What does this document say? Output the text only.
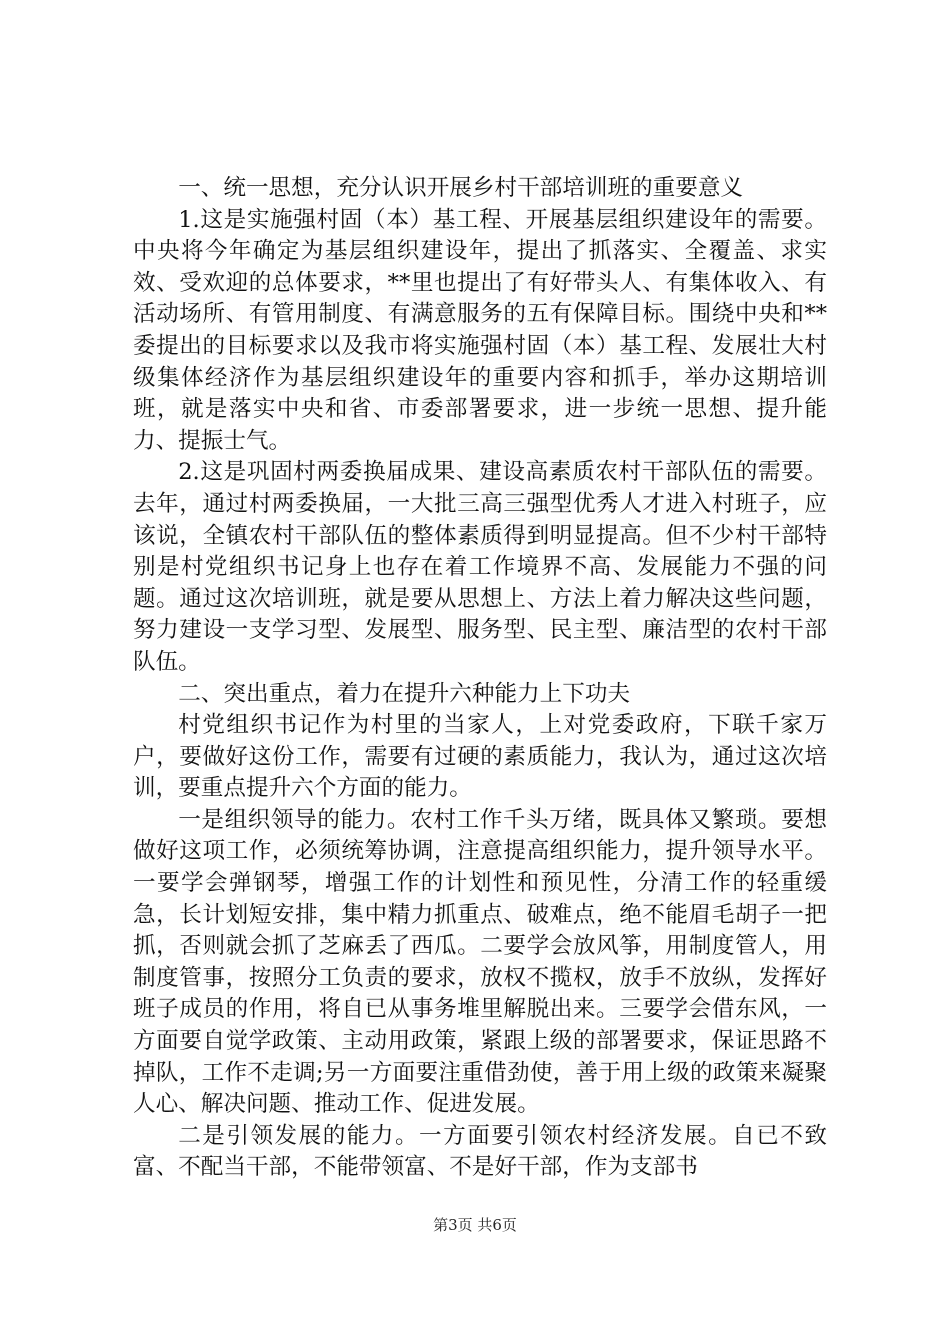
一、统一思想，充分认识开展乡村干部培训班的重要意义

1.这是实施强村固（本）基工程、开展基层组织建设年的需要。中央将今年确定为基层组织建设年，提出了抓落实、全覆盖、求实效、受欢迎的总体要求，**里也提出了有好带头人、有集体收入、有活动场所、有管用制度、有满意服务的五有保障目标。围绕中央和**委提出的目标要求以及我市将实施强村固（本）基工程、发展壮大村级集体经济作为基层组织建设年的重要内容和抓手，举办这期培训班，就是落实中央和省、市委部署要求，进一步统一思想、提升能力、提振士气。

2.这是巩固村两委换届成果、建设高素质农村干部队伍的需要。去年，通过村两委换届，一大批三高三强型优秀人才进入村班子，应该说，全镇农村干部队伍的整体素质得到明显提高。但不少村干部特别是村党组织书记身上也存在着工作境界不高、发展能力不强的问题。通过这次培训班，就是要从思想上、方法上着力解决这些问题，努力建设一支学习型、发展型、服务型、民主型、廉洁型的农村干部队伍。

二、突出重点，着力在提升六种能力上下功夫

村党组织书记作为村里的当家人，上对党委政府，下联千家万户，要做好这份工作，需要有过硬的素质能力，我认为，通过这次培训，要重点提升六个方面的能力。

一是组织领导的能力。农村工作千头万绪，既具体又繁琐。要想做好这项工作，必须统筹协调，注意提高组织能力，提升领导水平。一要学会弹钢琴，增强工作的计划性和预见性，分清工作的轻重缓急，长计划短安排，集中精力抓重点、破难点，绝不能眉毛胡子一把抓，否则就会抓了芝麻丢了西瓜。二要学会放风筝，用制度管人，用制度管事，按照分工负责的要求，放权不揽权，放手不放纵，发挥好班子成员的作用，将自已从事务堆里解脱出来。三要学会借东风，一方面要自觉学政策、主动用政策，紧跟上级的部署要求，保证思路不掉队，工作不走调;另一方面要注重借劲使，善于用上级的政策来凝聚人心、解决问题、推动工作、促进发展。

二是引领发展的能力。一方面要引领农村经济发展。自已不致富、不配当干部，不能带领富、不是好干部，作为支部书

第3页 共6页
